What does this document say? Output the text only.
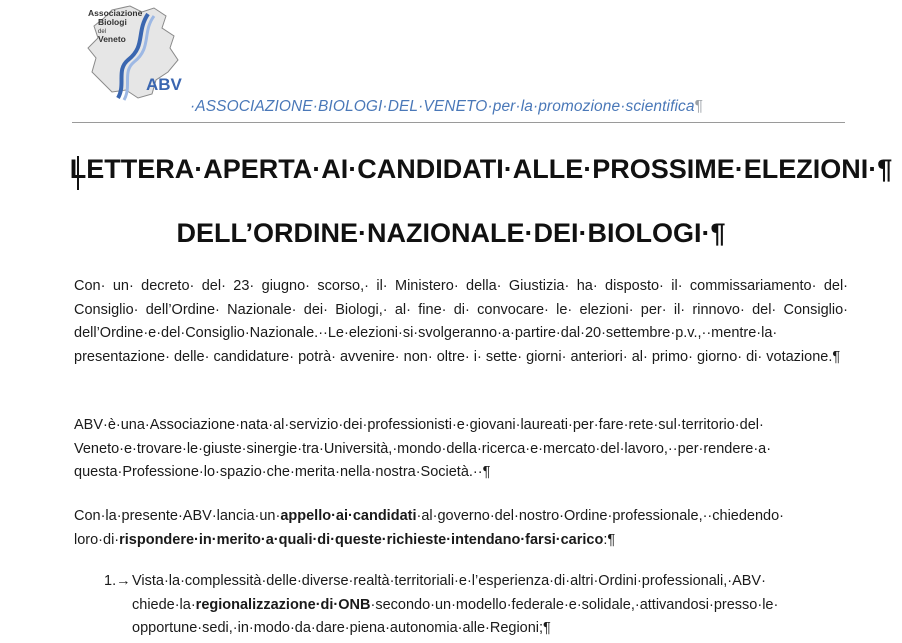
Associazione
Biologi
del
Veneto
ABV
·ASSOCIAZIONE·BIOLOGI·DEL·VENETO·per·la·promozione·scientifica¶
LETTERA·APERTA·AI·CANDIDATI·ALLE·PROSSIME·ELEZIONI·¶
DELL’ORDINE·NAZIONALE·DEI·BIOLOGI·¶
Con· un· decreto· del· 23· giugno· scorso,· il· Ministero· della· Giustizia· ha· disposto· il· commissariamento· del· Consiglio· dell’Ordine· Nazionale· dei· Biologi,· al· fine· di· convocare· le· elezioni· per· il· rinnovo· del· Consiglio· dell’Ordine·e·del·Consiglio·Nazionale.··Le·elezioni·si·svolgeranno·a·partire·dal·20·settembre·p.v.,··mentre·la· presentazione· delle· candidature· potrà· avvenire· non· oltre· i· sette· giorni· anteriori· al· primo· giorno· di· votazione.¶
ABV·è·una·Associazione·nata·al·servizio·dei·professionisti·e·giovani·laureati·per·fare·rete·sul·territorio·del· Veneto·e·trovare·le·giuste·sinergie·tra·Università,·mondo·della·ricerca·e·mercato·del·lavoro,··per·rendere·a· questa·Professione·lo·spazio·che·merita·nella·nostra·Società.··¶
Con·la·presente·ABV·lancia·un·appello·ai·candidati·al·governo·del·nostro·Ordine·professionale,··chiedendo· loro·di·rispondere·in·merito·a·quali·di·queste·richieste·intendano·farsi·carico:¶
1.→ Vista·la·complessità·delle·diverse·realtà·territoriali·e·l’esperienza·di·altri·Ordini·professionali,·ABV· chiede·la·regionalizzazione·di·ONB·secondo·un·modello·federale·e·solidale,·attivandosi·presso·le· opportune·sedi,·in·modo·da·dare·piena·autonomia·alle·Regioni;¶
